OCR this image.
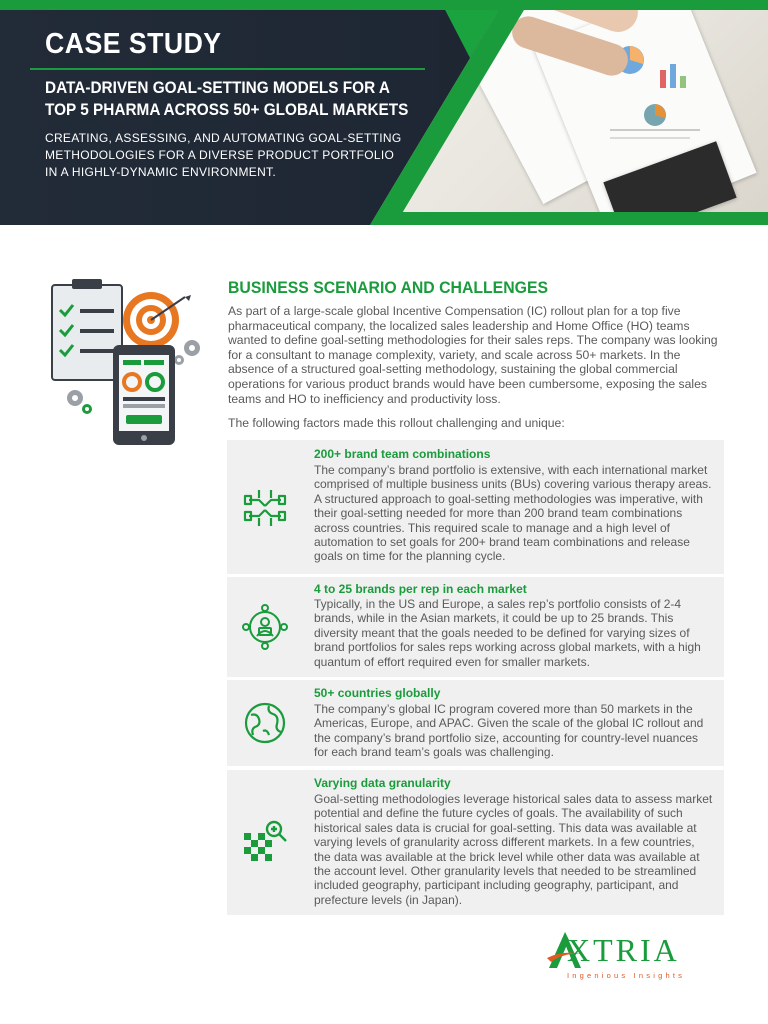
CASE STUDY
DATA-DRIVEN GOAL-SETTING MODELS FOR A
TOP 5 PHARMA ACROSS 50+ GLOBAL MARKETS
CREATING, ASSESSING, AND AUTOMATING GOAL-SETTING
METHODOLOGIES FOR A DIVERSE PRODUCT PORTFOLIO
IN A HIGHLY-DYNAMIC ENVIRONMENT.
BUSINESS SCENARIO AND CHALLENGES
As part of a large-scale global Incentive Compensation (IC) rollout plan for a top five pharmaceutical company, the localized sales leadership and Home Office (HO) teams wanted to define goal-setting methodologies for their sales reps. The company was looking for a consultant to manage complexity, variety, and scale across 50+ markets. In the absence of a structured goal-setting methodology, sustaining the global commercial operations for various product brands would have been cumbersome, exposing the sales teams and HO to inefficiency and productivity loss.
The following factors made this rollout challenging and unique:
200+ brand team combinations
The company’s brand portfolio is extensive, with each international market comprised of multiple business units (BUs) covering various therapy areas. A structured approach to goal-setting methodologies was imperative, with their goal-setting needed for more than 200 brand team combinations across countries. This required scale to manage and a high level of automation to set goals for 200+ brand team combinations and release goals on time for the planning cycle.
4 to 25 brands per rep in each market
Typically, in the US and Europe, a sales rep’s portfolio consists of 2-4 brands, while in the Asian markets, it could be up to 25 brands. This diversity meant that the goals needed to be defined for varying sizes of brand portfolios for sales reps working across global markets, with a high quantum of effort required even for smaller markets.
50+ countries globally
The company’s global IC program covered more than 50 markets in the Americas, Europe, and APAC. Given the scale of the global IC rollout and the company’s brand portfolio size, accounting for country-level nuances for each brand team’s goals was challenging.
Varying data granularity
Goal-setting methodologies leverage historical sales data to assess market potential and define the future cycles of goals. The availability of such historical sales data is crucial for goal-setting. This data was available at varying levels of granularity across different markets. In a few countries, the data was available at the brick level while other data was available at the account level. Other granularity levels that needed to be streamlined included geography, participant including geography, participant, and prefecture levels (in Japan).
XTRIA
Ingenious Insights
